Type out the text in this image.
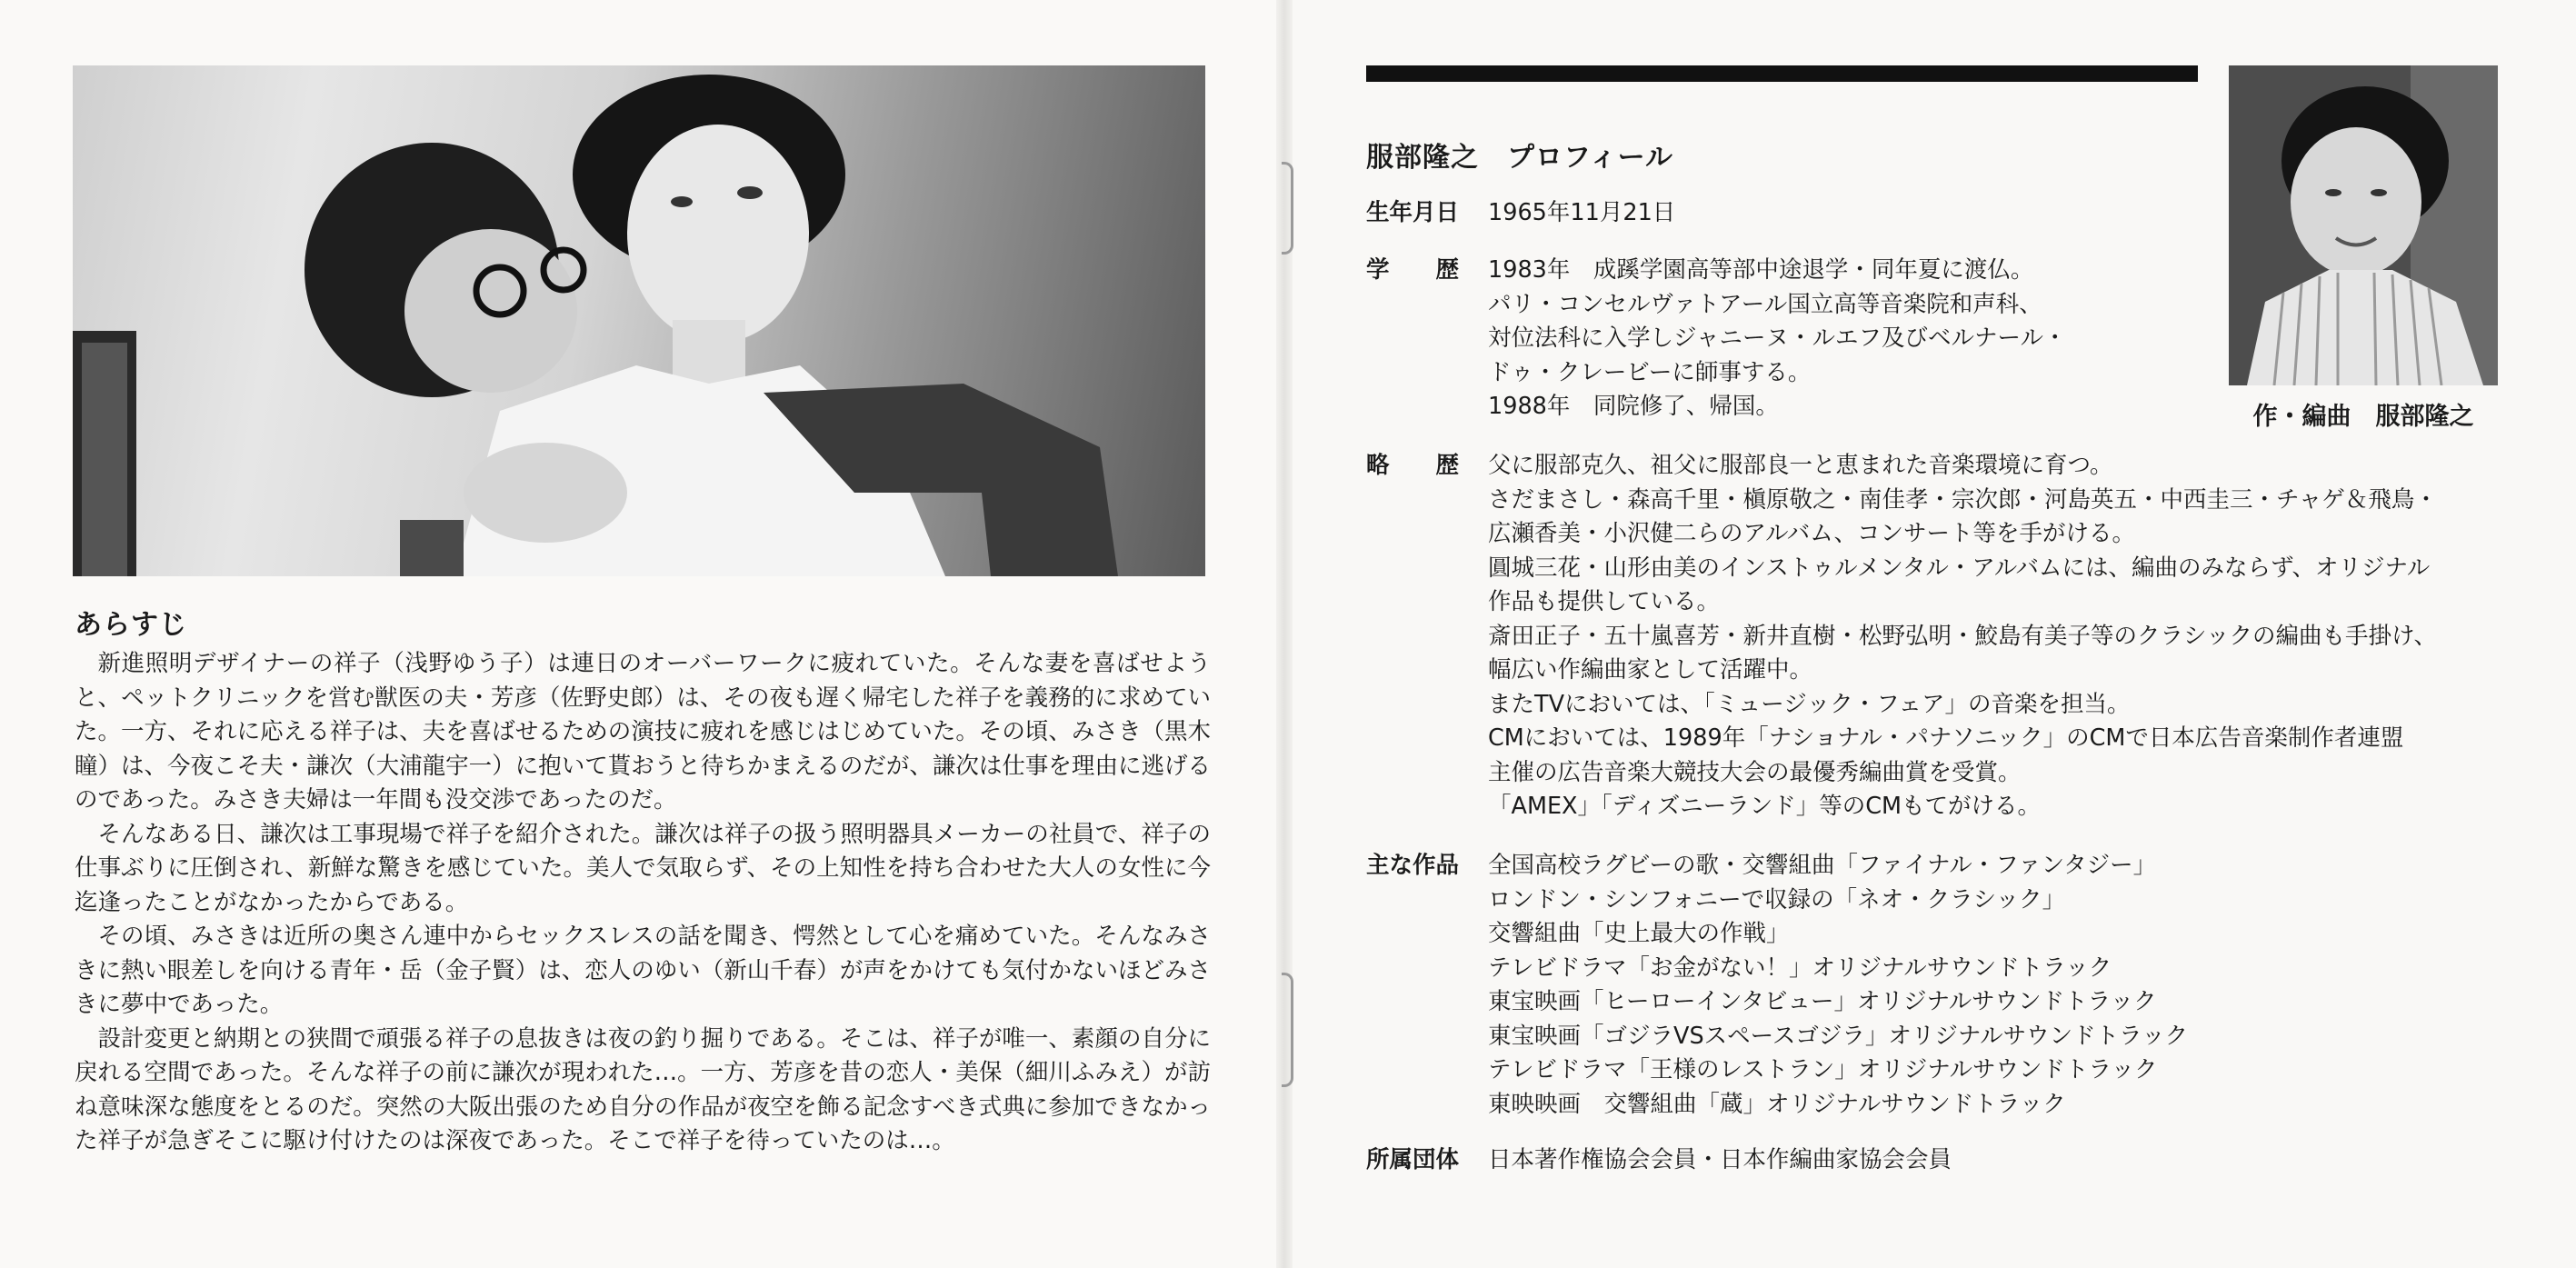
あらすじ

新進照明デザイナーの祥子（浅野ゆう子）は連日のオーバーワークに疲れていた。そんな妻を喜ばせようと、ペットクリニックを営む獣医の夫・芳彦（佐野史郎）は、その夜も遅く帰宅した祥子を義務的に求めていた。一方、それに応える祥子は、夫を喜ばせるための演技に疲れを感じはじめていた。その頃、みさき（黒木瞳）は、今夜こそ夫・謙次（大浦龍宇一）に抱いて貰おうと待ちかまえるのだが、謙次は仕事を理由に逃げるのであった。みさき夫婦は一年間も没交渉であったのだ。

そんなある日、謙次は工事現場で祥子を紹介された。謙次は祥子の扱う照明器具メーカーの社員で、祥子の仕事ぶりに圧倒され、新鮮な驚きを感じていた。美人で気取らず、その上知性を持ち合わせた大人の女性に今迄逢ったことがなかったからである。

その頃、みさきは近所の奥さん連中からセックスレスの話を聞き、愕然として心を痛めていた。そんなみさきに熱い眼差しを向ける青年・岳（金子賢）は、恋人のゆい（新山千春）が声をかけても気付かないほどみさきに夢中であった。

設計変更と納期との狭間で頑張る祥子の息抜きは夜の釣り掘りである。そこは、祥子が唯一、素顔の自分に戻れる空間であった。そんな祥子の前に謙次が現われた…。一方、芳彦を昔の恋人・美保（細川ふみえ）が訪ね意味深な態度をとるのだ。突然の大阪出張のため自分の作品が夜空を飾る記念すべき式典に参加できなかった祥子が急ぎそこに駆け付けたのは深夜であった。そこで祥子を待っていたのは…。

服部隆之　プロフィール
作・編曲　服部隆之
生年月日	1965年11月21日
学　　歴	1983年　成蹊学園高等部中途退学・同年夏に渡仏。
パリ・コンセルヴァトアール国立高等音楽院和声科、
対位法科に入学しジャニーヌ・ルエフ及びベルナール・
ドゥ・クレービーに師事する。
1988年　同院修了、帰国。
略　　歴	父に服部克久、祖父に服部良一と恵まれた音楽環境に育つ。
さだまさし・森高千里・槇原敬之・南佳孝・宗次郎・河島英五・中西圭三・チャゲ＆飛鳥・
広瀬香美・小沢健二らのアルバム、コンサート等を手がける。
圓城三花・山形由美のインストゥルメンタル・アルバムには、編曲のみならず、オリジナル
作品も提供している。
斎田正子・五十嵐喜芳・新井直樹・松野弘明・鮫島有美子等のクラシックの編曲も手掛け、
幅広い作編曲家として活躍中。
またTVにおいては、「ミュージック・フェア」の音楽を担当。
CMにおいては、1989年「ナショナル・パナソニック」のCMで日本広告音楽制作者連盟
主催の広告音楽大競技大会の最優秀編曲賞を受賞。
「AMEX」「ディズニーランド」等のCMもてがける。
主な作品	全国高校ラグビーの歌・交響組曲「ファイナル・ファンタジー」
ロンドン・シンフォニーで収録の「ネオ・クラシック」
交響組曲「史上最大の作戦」
テレビドラマ「お金がない！」オリジナルサウンドトラック
東宝映画「ヒーローインタビュー」オリジナルサウンドトラック
東宝映画「ゴジラVSスペースゴジラ」オリジナルサウンドトラック
テレビドラマ「王様のレストラン」オリジナルサウンドトラック
東映映画　交響組曲「蔵」オリジナルサウンドトラック
所属団体	日本著作権協会会員・日本作編曲家協会会員
